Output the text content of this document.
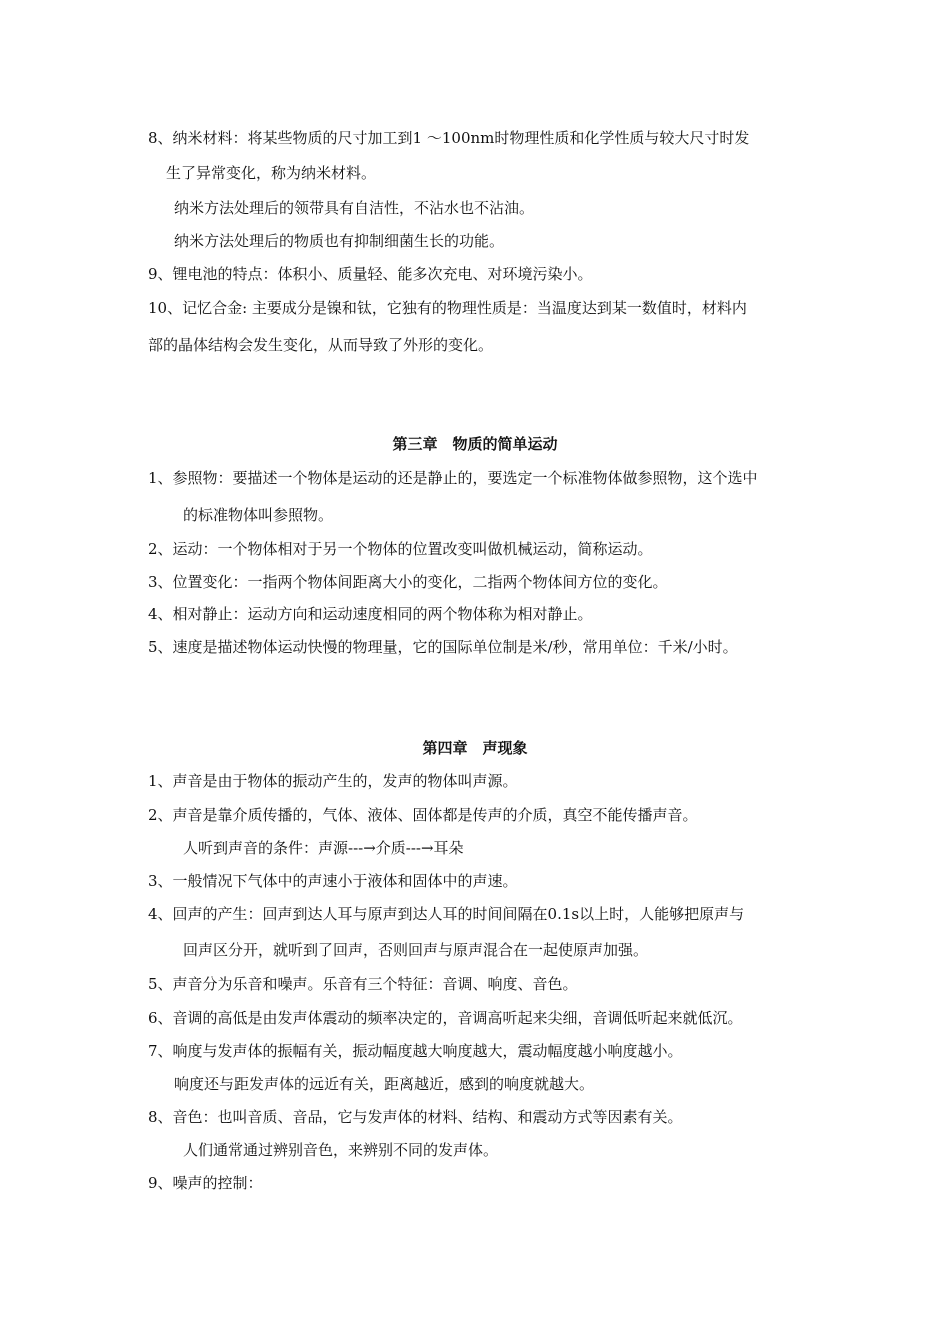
8、纳米材料：将某些物质的尺寸加工到1 ～100nm时物理性质和化学性质与较大尺寸时发
生了异常变化，称为纳米材料。
纳米方法处理后的领带具有自洁性，不沾水也不沾油。
纳米方法处理后的物质也有抑制细菌生长的功能。
9、锂电池的特点：体积小、质量轻、能多次充电、对环境污染小。
10、记忆合金: 主要成分是镍和钛，它独有的物理性质是：当温度达到某一数值时，材料内
部的晶体结构会发生变化，从而导致了外形的变化。
第三章　物质的简单运动
1、参照物：要描述一个物体是运动的还是静止的，要选定一个标准物体做参照物，这个选中
的标准物体叫参照物。
2、运动：一个物体相对于另一个物体的位置改变叫做机械运动，简称运动。
3、位置变化：一指两个物体间距离大小的变化，二指两个物体间方位的变化。
4、相对静止：运动方向和运动速度相同的两个物体称为相对静止。
5、速度是描述物体运动快慢的物理量，它的国际单位制是米/秒，常用单位：千米/小时。
第四章　声现象
1、声音是由于物体的振动产生的，发声的物体叫声源。
2、声音是靠介质传播的，气体、液体、固体都是传声的介质，真空不能传播声音。
人听到声音的条件：声源---→介质---→耳朵
3、一般情况下气体中的声速小于液体和固体中的声速。
4、回声的产生：回声到达人耳与原声到达人耳的时间间隔在0.1s以上时，人能够把原声与
回声区分开，就听到了回声，否则回声与原声混合在一起使原声加强。
5、声音分为乐音和噪声。乐音有三个特征：音调、响度、音色。
6、音调的高低是由发声体震动的频率决定的，音调高听起来尖细，音调低听起来就低沉。
7、响度与发声体的振幅有关，振动幅度越大响度越大，震动幅度越小响度越小。
响度还与距发声体的远近有关，距离越近，感到的响度就越大。
8、音色：也叫音质、音品，它与发声体的材料、结构、和震动方式等因素有关。
人们通常通过辨别音色，来辨别不同的发声体。
9、噪声的控制：
